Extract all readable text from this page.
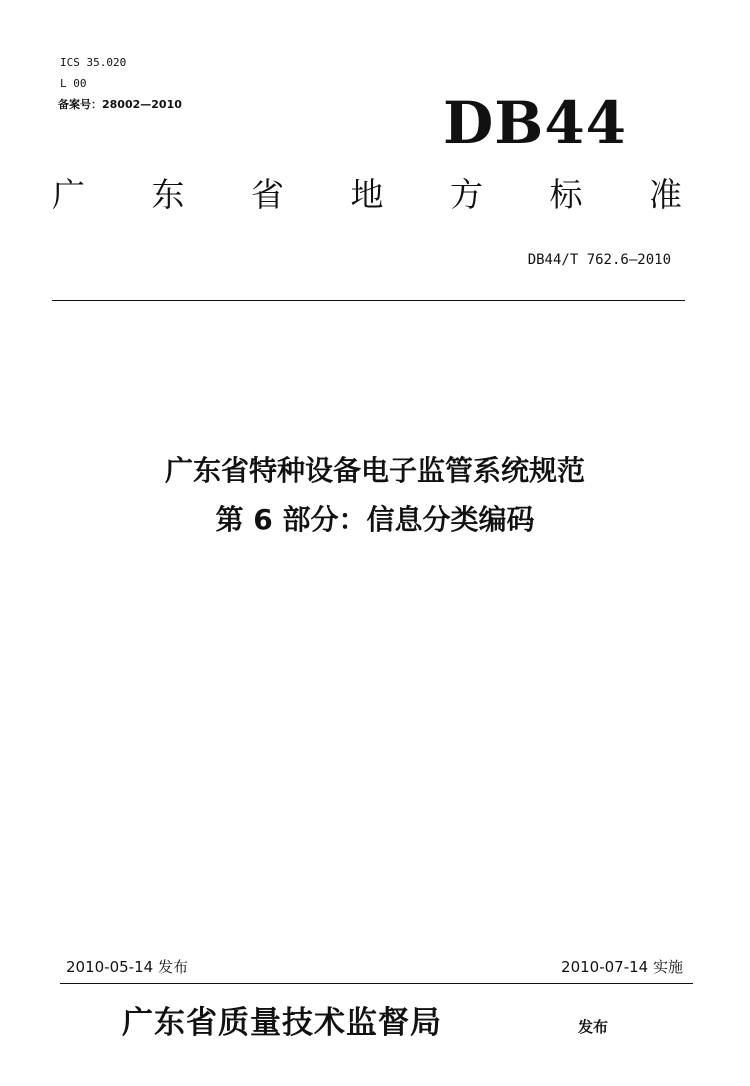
ICS 35.020
L 00
备案号：28002—2010	DB44
广 东 省 地 方 标 准
DB44/T 762.6—2010
广东省特种设备电子监管系统规范
第 6 部分：信息分类编码
2010-05-14 发布	2010-07-14 实施
广东省质量技术监督局	发布
